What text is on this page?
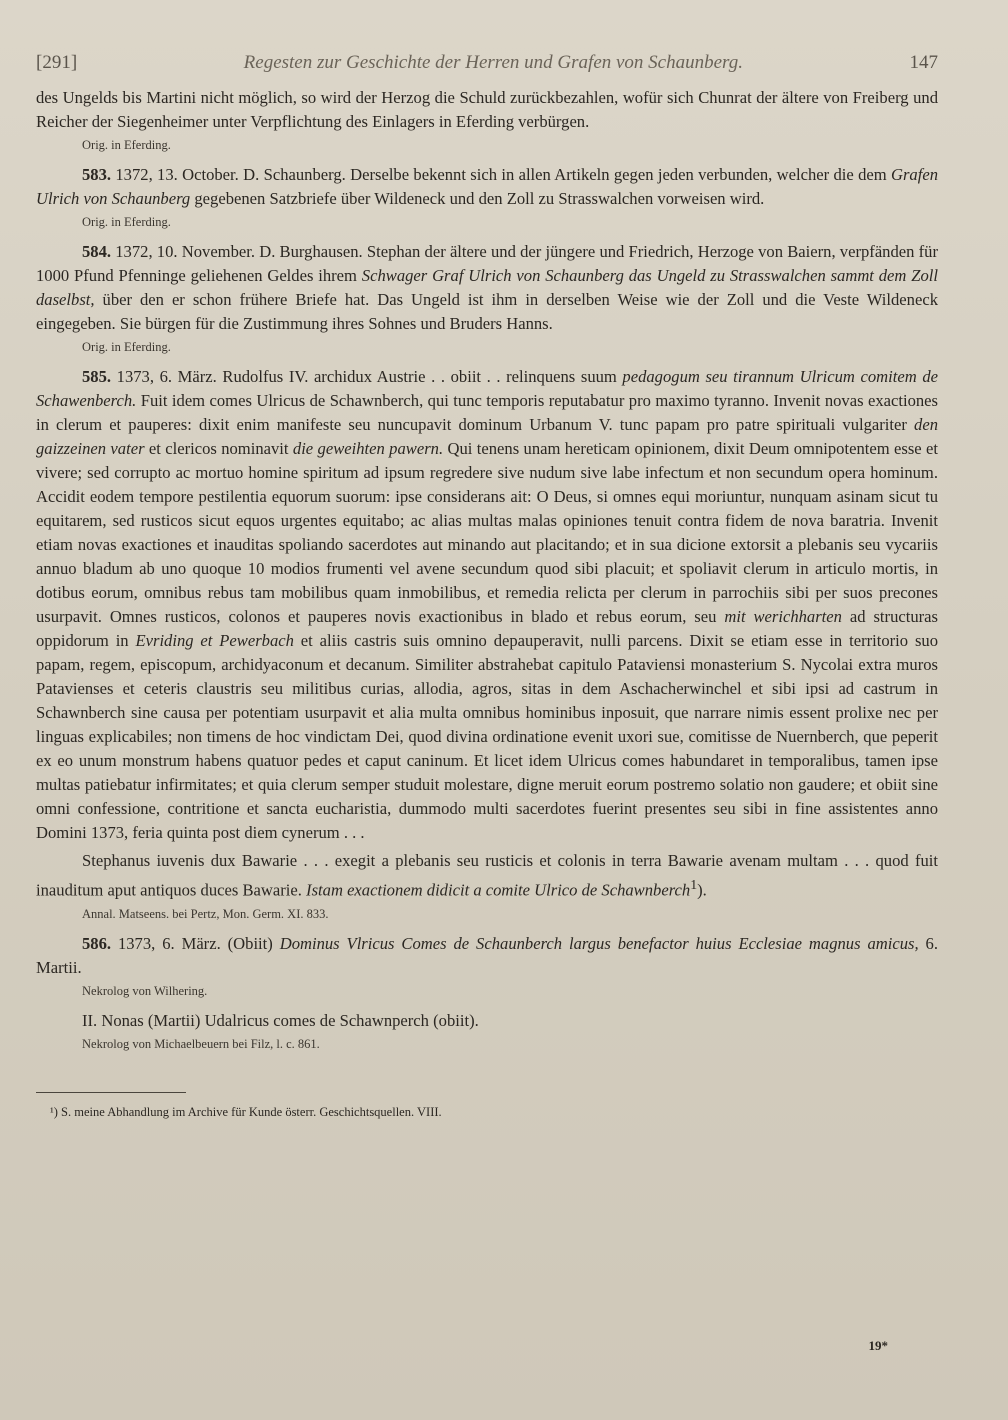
[291]	Regesten zur Geschichte der Herren und Grafen von Schaunberg.	147

des Ungelds bis Martini nicht möglich, so wird der Herzog die Schuld zurückbezahlen, wofür sich Chunrat der ältere von Freiberg und Reicher der Siegenheimer unter Verpflichtung des Einlagers in Eferding verbürgen.

Orig. in Eferding.

583. 1372, 13. October. D. Schaunberg. Derselbe bekennt sich in allen Artikeln gegen jeden verbunden, welcher die dem Grafen Ulrich von Schaunberg gegebenen Satzbriefe über Wildeneck und den Zoll zu Strasswalchen vorweisen wird.

Orig. in Eferding.

584. 1372, 10. November. D. Burghausen. Stephan der ältere und der jüngere und Friedrich, Herzoge von Baiern, verpfänden für 1000 Pfund Pfenninge geliehenen Geldes ihrem Schwager Graf Ulrich von Schaunberg das Ungeld zu Strasswalchen sammt dem Zoll daselbst, über den er schon frühere Briefe hat. Das Ungeld ist ihm in derselben Weise wie der Zoll und die Veste Wildeneck eingegeben. Sie bürgen für die Zustimmung ihres Sohnes und Bruders Hanns.

Orig. in Eferding.

585. 1373, 6. März. Rudolfus IV. archidux Austrie . . obiit . . relinquens suum pedagogum seu tirannum Ulricum comitem de Schawenberch. Fuit idem comes Ulricus de Schawnberch, qui tunc temporis reputabatur pro maximo tyranno. Invenit novas exactiones in clerum et pauperes: dixit enim manifeste seu nuncupavit dominum Urbanum V. tunc papam pro patre spirituali vulgariter den gaizzeinen vater et clericos nominavit die geweihten pawern. Qui tenens unam hereticam opinionem, dixit Deum omnipotentem esse et vivere; sed corrupto ac mortuo homine spiritum ad ipsum regredere sive nudum sive labe infectum et non secundum opera hominum. Accidit eodem tempore pestilentia equorum suorum: ipse considerans ait: O Deus, si omnes equi moriuntur, nunquam asinam sicut tu equitarem, sed rusticos sicut equos urgentes equitabo; ac alias multas malas opiniones tenuit contra fidem de nova baratria. Invenit etiam novas exactiones et inauditas spoliando sacerdotes aut minando aut placitando; et in sua dicione extorsit a plebanis seu vycariis annuo bladum ab uno quoque 10 modios frumenti vel avene secundum quod sibi placuit; et spoliavit clerum in articulo mortis, in dotibus eorum, omnibus rebus tam mobilibus quam inmobilibus, et remedia relicta per clerum in parrochiis sibi per suos precones usurpavit. Omnes rusticos, colonos et pauperes novis exactionibus in blado et rebus eorum, seu mit werichharten ad structuras oppidorum in Evriding et Pewerbach et aliis castris suis omnino depauperavit, nulli parcens. Dixit se etiam esse in territorio suo papam, regem, episcopum, archidyaconum et decanum. Similiter abstrahebat capitulo Pataviensi monasterium S. Nycolai extra muros Patavienses et ceteris claustris seu militibus curias, allodia, agros, sitas in dem Aschacherwinchel et sibi ipsi ad castrum in Schawnberch sine causa per potentiam usurpavit et alia multa omnibus hominibus inposuit, que narrare nimis essent prolixe nec per linguas explicabiles; non timens de hoc vindictam Dei, quod divina ordinatione evenit uxori sue, comitisse de Nuernberch, que peperit ex eo unum monstrum habens quatuor pedes et caput caninum. Et licet idem Ulricus comes habundaret in temporalibus, tamen ipse multas patiebatur infirmitates; et quia clerum semper studuit molestare, digne meruit eorum postremo solatio non gaudere; et obiit sine omni confessione, contritione et sancta eucharistia, dummodo multi sacerdotes fuerint presentes seu sibi in fine assistentes anno Domini 1373, feria quinta post diem cynerum . . .

Stephanus iuvenis dux Bawarie . . . exegit a plebanis seu rusticis et colonis in terra Bawarie avenam multam . . . quod fuit inauditum aput antiquos duces Bawarie. Istam exactionem didicit a comite Ulrico de Schawnberch$^1$).

Annal. Matseens. bei Pertz, Mon. Germ. XI. 833.

586. 1373, 6. März. (Obiit) Dominus Vlricus Comes de Schaunberch largus benefactor huius Ecclesiae magnus amicus, 6. Martii.

Nekrolog von Wilhering.

II. Nonas (Martii) Udalricus comes de Schawnperch (obiit).

Nekrolog von Michaelbeuern bei Filz, l. c. 861.
¹) S. meine Abhandlung im Archive für Kunde österr. Geschichtsquellen. VIII.
19*
